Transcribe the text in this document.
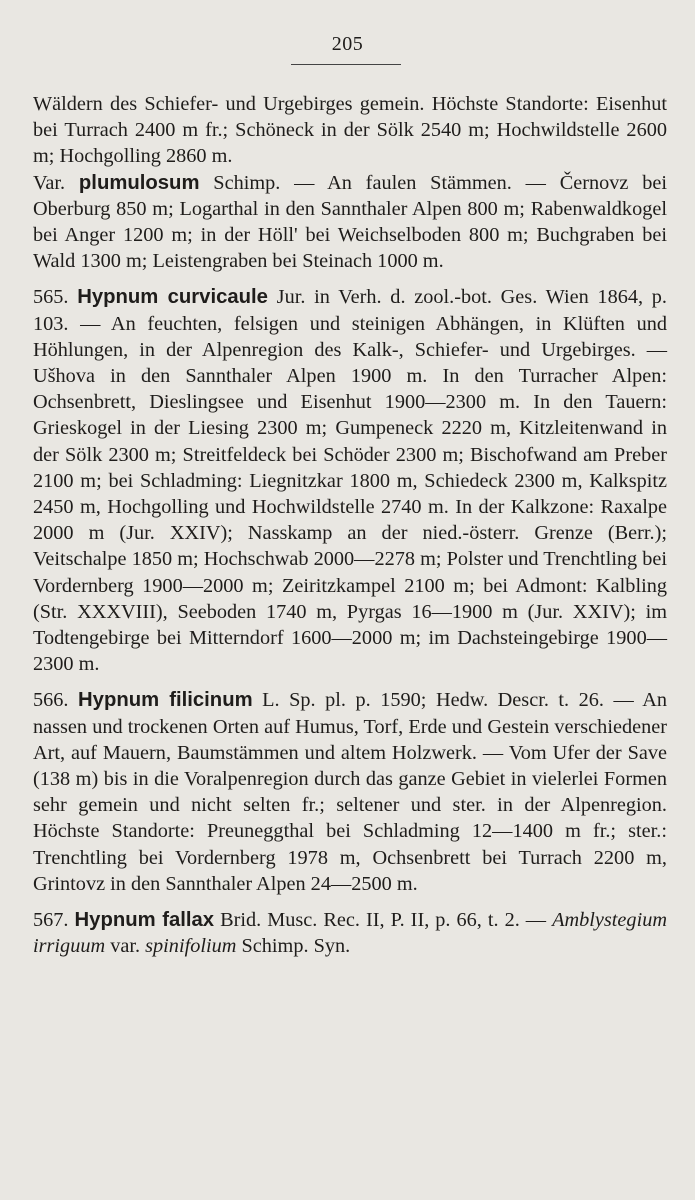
205

Wäldern des Schiefer- und Urgebirges gemein. Höchste Standorte: Eisenhut bei Turrach 2400 m fr.; Schöneck in der Sölk 2540 m; Hochwildstelle 2600 m; Hochgolling 2860 m.

Var. plumulosum Schimp. — An faulen Stämmen. — Černovz bei Oberburg 850 m; Logarthal in den Sannthaler Alpen 800 m; Rabenwaldkogel bei Anger 1200 m; in der Höll' bei Weichselboden 800 m; Buchgraben bei Wald 1300 m; Leistengraben bei Steinach 1000 m.

565. Hypnum curvicaule Jur. in Verh. d. zool.-bot. Ges. Wien 1864, p. 103. — An feuchten, felsigen und steinigen Abhängen, in Klüften und Höhlungen, in der Alpenregion des Kalk-, Schiefer- und Urgebirges. — Ušhova in den Sannthaler Alpen 1900 m. In den Turracher Alpen: Ochsenbrett, Dieslingsee und Eisenhut 1900—2300 m. In den Tauern: Grieskogel in der Liesing 2300 m; Gumpeneck 2220 m, Kitzleitenwand in der Sölk 2300 m; Streitfeldeck bei Schöder 2300 m; Bischofwand am Preber 2100 m; bei Schladming: Liegnitzkar 1800 m, Schiedeck 2300 m, Kalkspitz 2450 m, Hochgolling und Hochwildstelle 2740 m. In der Kalkzone: Raxalpe 2000 m (Jur. XXIV); Nasskamp an der nied.-österr. Grenze (Berr.); Veitschalpe 1850 m; Hochschwab 2000—2278 m; Polster und Trenchtling bei Vordernberg 1900—2000 m; Zeiritzkampel 2100 m; bei Admont: Kalbling (Str. XXXVIII), Seeboden 1740 m, Pyrgas 16—1900 m (Jur. XXIV); im Todtengebirge bei Mitterndorf 1600—2000 m; im Dachsteingebirge 1900—2300 m.

566. Hypnum filicinum L. Sp. pl. p. 1590; Hedw. Descr. t. 26. — An nassen und trockenen Orten auf Humus, Torf, Erde und Gestein verschiedener Art, auf Mauern, Baumstämmen und altem Holzwerk. — Vom Ufer der Save (138 m) bis in die Voralpenregion durch das ganze Gebiet in vielerlei Formen sehr gemein und nicht selten fr.; seltener und ster. in der Alpenregion. Höchste Standorte: Preuneggthal bei Schladming 12—1400 m fr.; ster.: Trenchtling bei Vordernberg 1978 m, Ochsenbrett bei Turrach 2200 m, Grintovz in den Sannthaler Alpen 24—2500 m.

567. Hypnum fallax Brid. Musc. Rec. II, P. II, p. 66, t. 2. — Amblystegium irriguum var. spinifolium Schimp. Syn.
